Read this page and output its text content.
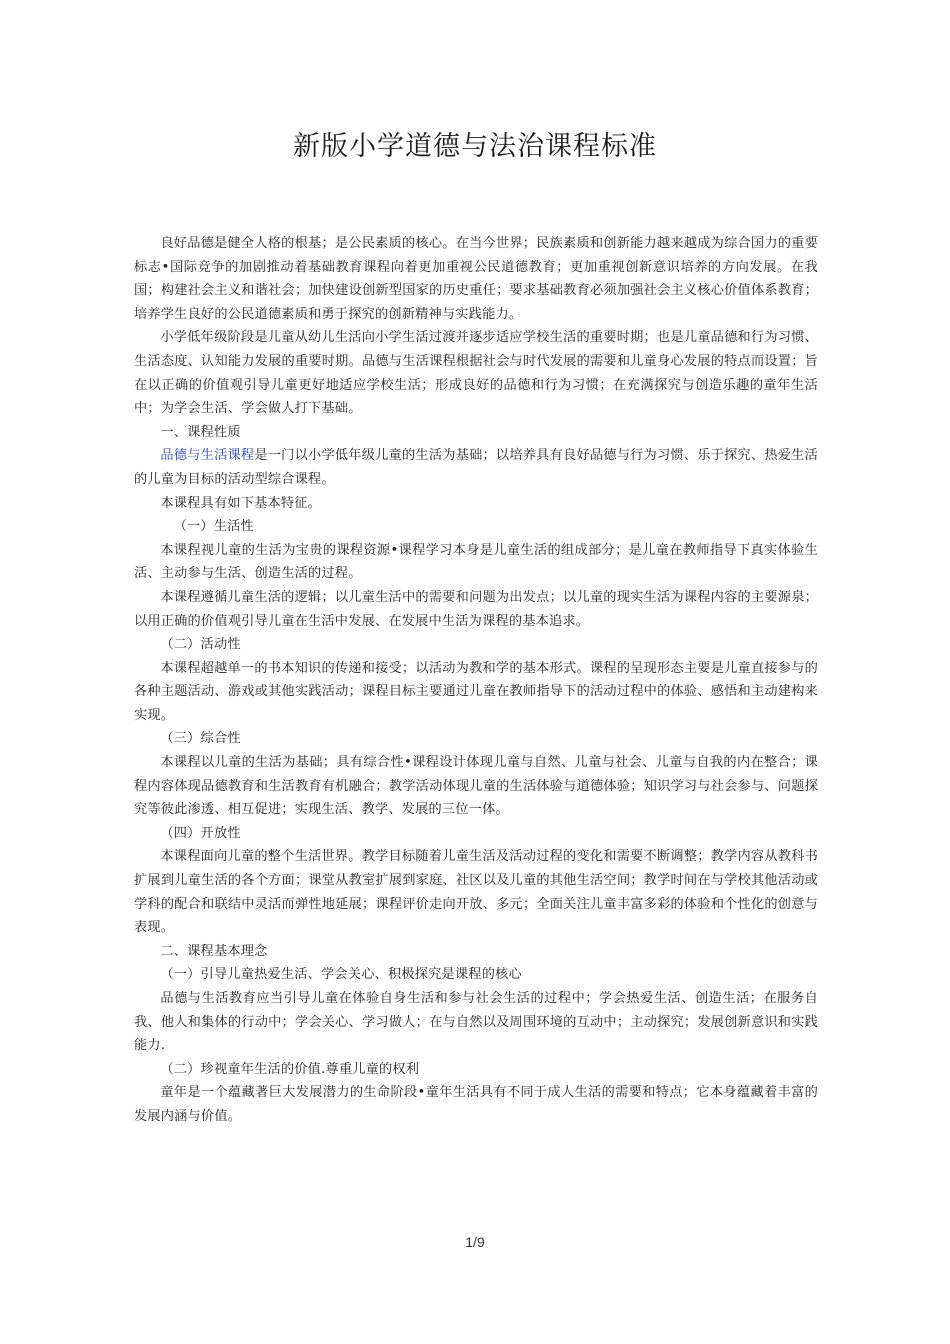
新版小学道德与法治课程标准

良好品德是健全人格的根基；是公民素质的核心。在当今世界；民族素质和创新能力越来越成为综合国力的重要标志•国际竞争的加剧推动着基础教育课程向着更加重视公民道德教育；更加重视创新意识培养的方向发展。在我国；构建社会主义和谐社会；加快建设创新型国家的历史重任；要求基础教育必须加强社会主义核心价值体系教育；培养学生良好的公民道德素质和勇于探究的创新精神与实践能力。

小学低年级阶段是儿童从幼儿生活向小学生活过渡并逐步适应学校生活的重要时期；也是儿童品德和行为习惯、生活态度、认知能力发展的重要时期。品德与生活课程根据社会与时代发展的需要和儿童身心发展的特点而设置；旨在以正确的价值观引导儿童更好地适应学校生活；形成良好的品德和行为习惯；在充满探究与创造乐趣的童年生活中；为学会生活、学会做人打下基础。

一、课程性质

品德与生活课程是一门以小学低年级儿童的生活为基础；以培养具有良好品德与行为习惯、乐于探究、热爱生活的儿童为目标的活动型综合课程。

本课程具有如下基本特征。

（一）生活性

本课程视儿童的生活为宝贵的课程资源•课程学习本身是儿童生活的组成部分；是儿童在教师指导下真实体验生活、主动参与生活、创造生活的过程。

本课程遵循儿童生活的逻辑；以儿童生活中的需要和问题为出发点；以儿童的现实生活为课程内容的主要源泉；以用正确的价值观引导儿童在生活中发展、在发展中生活为课程的基本追求。

（二）活动性

本课程超越单一的书本知识的传递和接受；以活动为教和学的基本形式。课程的呈现形态主要是儿童直接参与的各种主题活动、游戏或其他实践活动；课程目标主要通过儿童在教师指导下的活动过程中的体验、感悟和主动建构来实现。

（三）综合性

本课程以儿童的生活为基础；具有综合性•课程设计体现儿童与自然、儿童与社会、儿童与自我的内在整合；课程内容体现品德教育和生活教育有机融合；教学活动体现儿童的生活体验与道德体验；知识学习与社会参与、问题探究等彼此渗透、相互促进；实现生活、教学、发展的三位一体。

（四）开放性

本课程面向儿童的整个生活世界。教学目标随着儿童生活及活动过程的变化和需要不断调整；教学内容从教科书扩展到儿童生活的各个方面；课堂从教室扩展到家庭、社区以及儿童的其他生活空间；教学时间在与学校其他活动或学科的配合和联结中灵活而弹性地延展；课程评价走向开放、多元；全面关注儿童丰富多彩的体验和个性化的创意与表现。

二、课程基本理念

（一）引导儿童热爱生活、学会关心、积极探究是课程的核心

品德与生活教育应当引导儿童在体验自身生活和参与社会生活的过程中；学会热爱生活、创造生活；在服务自我、他人和集体的行动中；学会关心、学习做人；在与自然以及周围环境的互动中；主动探究；发展创新意识和实践能力.

（二）珍视童年生活的价值.尊重儿童的权利

童年是一个蕴藏著巨大发展潜力的生命阶段•童年生活具有不同于成人生活的需要和特点；它本身蕴藏着丰富的发展内涵与价值。

1/9
